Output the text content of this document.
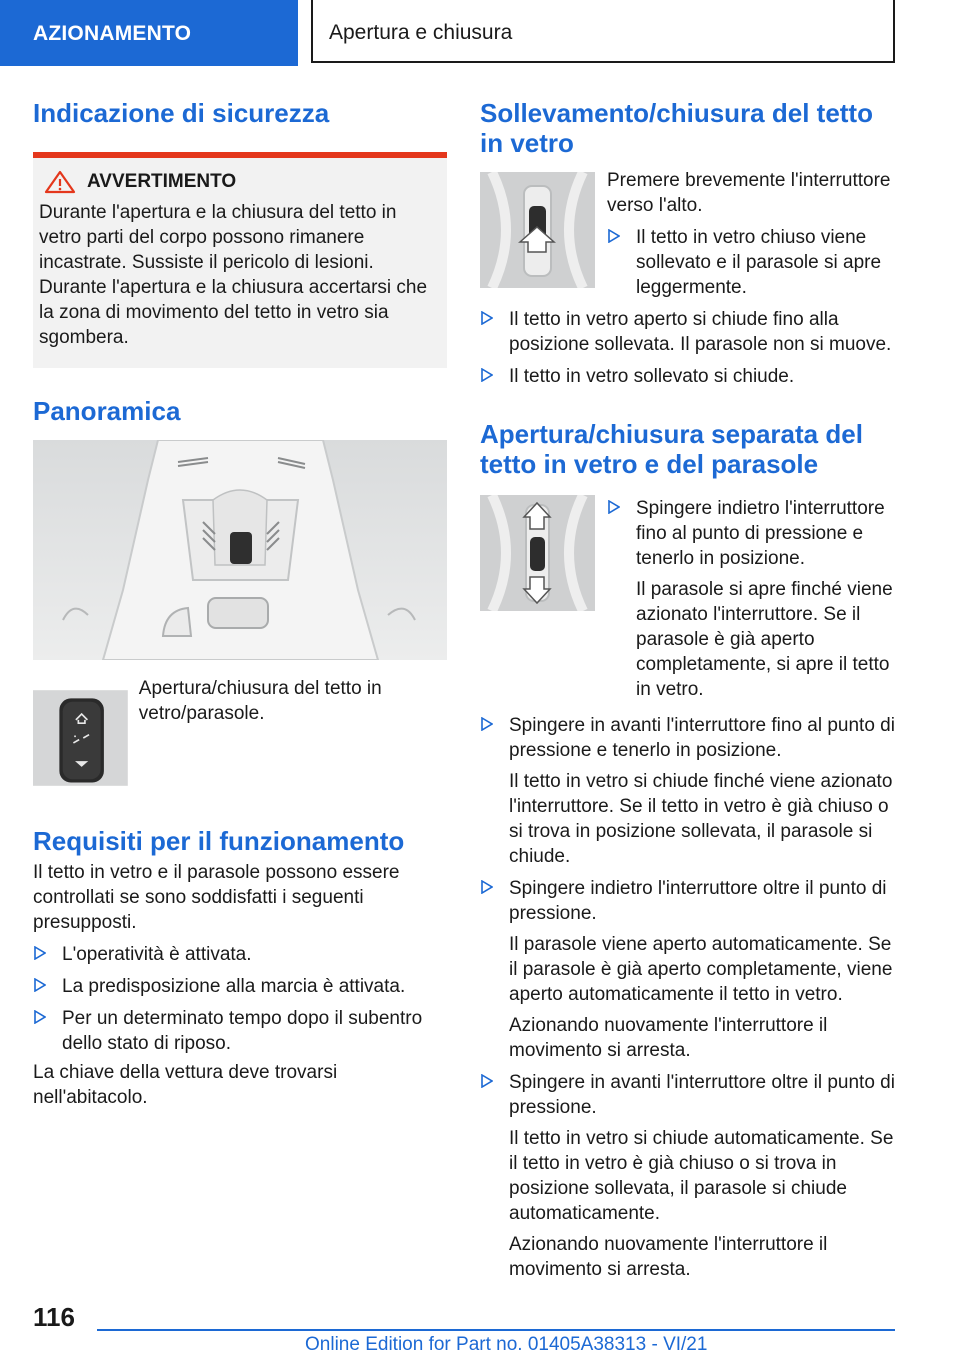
AZIONAMENTO	Apertura e chiusura
Indicazione di sicurezza
AVVERTIMENTO
Durante l'apertura e la chiusura del tetto in vetro parti del corpo possono rimanere incastrate. Sussiste il pericolo di lesioni. Durante l'apertura e la chiusura accertarsi che la zona di movimento del tetto in vetro sia sgombera.
Panoramica
Apertura/chiusura del tetto in vetro/parasole.
Requisiti per il funzionamento

Il tetto in vetro e il parasole possono essere controllati se sono soddisfatti i seguenti presupposti.

L'operatività è attivata.
La predisposizione alla marcia è attivata.
Per un determinato tempo dopo il subentro dello stato di riposo.

La chiave della vettura deve trovarsi nell'abitacolo.

Sollevamento/chiusura del tetto in vetro

Premere brevemente l'interruttore verso l'alto.

Il tetto in vetro chiuso viene sollevato e il parasole si apre leggermente.
Il tetto in vetro aperto si chiude fino alla posizione sollevata. Il parasole non si muove.
Il tetto in vetro sollevato si chiude.
Apertura/chiusura separata del tetto in vetro e del parasole

Spingere indietro l'interruttore fino al punto di pressione e tenerlo in posizione.

Il parasole si apre finché viene azionato l'interruttore. Se il parasole è già aperto completamente, si apre il tetto in vetro.

Spingere in avanti l'interruttore fino al punto di pressione e tenerlo in posizione.

Il tetto in vetro si chiude finché viene azionato l'interruttore. Se il tetto in vetro è già chiuso o si trova in posizione sollevata, il parasole si chiude.

Spingere indietro l'interruttore oltre il punto di pressione.

Il parasole viene aperto automaticamente. Se il parasole è già aperto completamente, viene aperto automaticamente il tetto in vetro.

Azionando nuovamente l'interruttore il movimento si arresta.

Spingere in avanti l'interruttore oltre il punto di pressione.

Il tetto in vetro si chiude automaticamente. Se il tetto in vetro è già chiuso o si trova in posizione sollevata, il parasole si chiude automaticamente.

Azionando nuovamente l'interruttore il movimento si arresta.

116
Online Edition for Part no. 01405A38313 - VI/21
